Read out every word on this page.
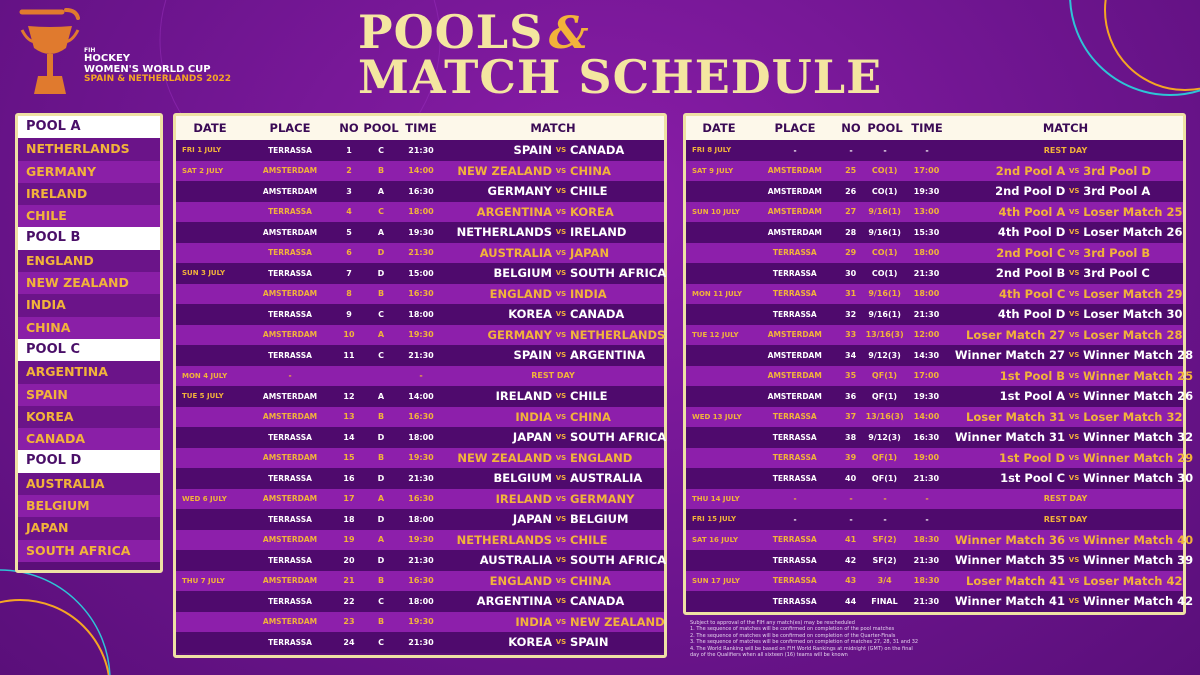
FIH
HOCKEY
WOMEN'S WORLD CUP
SPAIN & NETHERLANDS 2022
POOLS &
MATCH SCHEDULE
POOL A
NETHERLANDS
GERMANY
IRELAND
CHILE
POOL B
ENGLAND
NEW ZEALAND
INDIA
CHINA
POOL C
ARGENTINA
SPAIN
KOREA
CANADA
POOL D
AUSTRALIA
BELGIUM
JAPAN
SOUTH AFRICA
DATE	PLACE	NO POOL TIME	MATCH
FRI 1 JULY	TERRASSA	1	C	21:30	SPAIN VS CANADA
SAT 2 JULY	AMSTERDAM	2	B	14:00	NEW ZEALAND VS CHINA
AMSTERDAM	3	A	16:30	GERMANY VS CHILE
TERRASSA	4	C	18:00	ARGENTINA VS KOREA
AMSTERDAM	5	A	19:30	NETHERLANDS VS IRELAND
TERRASSA	6	D	21:30	AUSTRALIA VS JAPAN
SUN 3 JULY	TERRASSA	7	D	15:00	BELGIUM VS SOUTH AFRICA
AMSTERDAM	8	B	16:30	ENGLAND VS INDIA
TERRASSA	9	C	18:00	KOREA VS CANADA
AMSTERDAM	10	A	19:30	GERMANY VS NETHERLANDS
TERRASSA	11	C	21:30	SPAIN VS ARGENTINA
MON 4 JULY	-	-	REST DAY
TUE 5 JULY	AMSTERDAM	12	A	14:00	IRELAND VS CHILE
AMSTERDAM	13	B	16:30	INDIA VS CHINA
TERRASSA	14	D	18:00	JAPAN VS SOUTH AFRICA
AMSTERDAM	15	B	19:30	NEW ZEALAND VS ENGLAND
TERRASSA	16	D	21:30	BELGIUM VS AUSTRALIA
WED 6 JULY	AMSTERDAM	17	A	16:30	IRELAND VS GERMANY
TERRASSA	18	D	18:00	JAPAN VS BELGIUM
AMSTERDAM	19	A	19:30	NETHERLANDS VS CHILE
TERRASSA	20	D	21:30	AUSTRALIA VS SOUTH AFRICA
THU 7 JULY	AMSTERDAM	21	B	16:30	ENGLAND VS CHINA
TERRASSA	22	C	18:00	ARGENTINA VS CANADA
AMSTERDAM	23	B	19:30	INDIA VS NEW ZEALAND
TERRASSA	24	C	21:30	KOREA VS SPAIN
DATE	PLACE	NO POOL TIME	MATCH
FRI 8 JULY	-	-	-	-	REST DAY
SAT 9 JULY	AMSTERDAM	25	CO(1)	17:00	2nd Pool A VS 3rd Pool D
AMSTERDAM	26	CO(1)	19:30	2nd Pool D VS 3rd Pool A
SUN 10 JULY	AMSTERDAM	27	9/16(1)	13:00	4th Pool A VS Loser Match 25
AMSTERDAM	28	9/16(1)	15:30	4th Pool D VS Loser Match 26
TERRASSA	29	CO(1)	18:00	2nd Pool C VS 3rd Pool B
TERRASSA	30	CO(1)	21:30	2nd Pool B VS 3rd Pool C
MON 11 JULY	TERRASSA	31	9/16(1)	18:00	4th Pool C VS Loser Match 29
TERRASSA	32	9/16(1)	21:30	4th Pool D VS Loser Match 30
TUE 12 JULY	AMSTERDAM	33	13/16(3)	12:00	Loser Match 27 VS Loser Match 28
AMSTERDAM	34	9/12(3)	14:30	Winner Match 27 VS Winner Match 28
AMSTERDAM	35	QF(1)	17:00	1st Pool B VS Winner Match 25
AMSTERDAM	36	QF(1)	19:30	1st Pool A VS Winner Match 26
WED 13 JULY	TERRASSA	37	13/16(3)	14:00	Loser Match 31 VS Loser Match 32
TERRASSA	38	9/12(3)	16:30	Winner Match 31 VS Winner Match 32
TERRASSA	39	QF(1)	19:00	1st Pool D VS Winner Match 29
TERRASSA	40	QF(1)	21:30	1st Pool C VS Winner Match 30
THU 14 JULY	-	-	-	-	REST DAY
FRI 15 JULY	-	-	-	-	REST DAY
SAT 16 JULY	TERRASSA	41	SF(2)	18:30	Winner Match 36 VS Winner Match 40
TERRASSA	42	SF(2)	21:30	Winner Match 35 VS Winner Match 39
SUN 17 JULY	TERRASSA	43	3/4	18:30	Loser Match 41 VS Loser Match 42
TERRASSA	44	FINAL	21:30	Winner Match 41 VS Winner Match 42
Subject to approval of the FIH any match(es) may be rescheduled
1. The sequence of matches will be confirmed on completion of the pool matches
2. The sequence of matches will be confirmed on completion of the Quarter-Finals
3. The sequence of matches will be confirmed on completion of matches 27, 28, 31 and 32
4. The World Ranking will be based on FIH World Rankings at midnight (GMT) on the final
day of the Qualifiers when all sixteen (16) teams will be known
